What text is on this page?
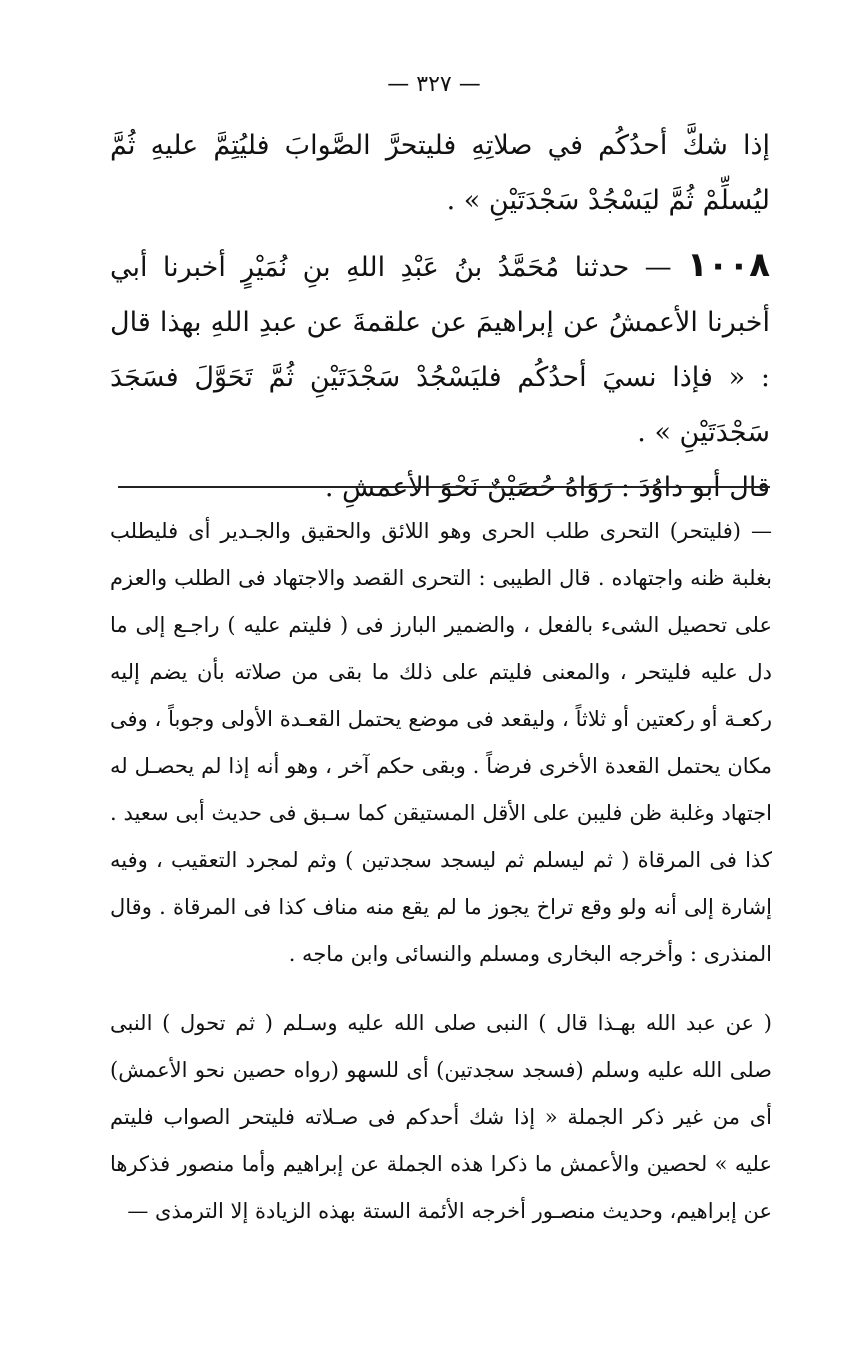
— ٣٢٧ —

إذا شكَّ أحدُكُم في صلاتِهِ فليتحرَّ الصَّوابَ فليُتِمَّ عليهِ ثُمَّ ليُسلِّمْ ثُمَّ ليَسْجُدْ سَجْدَتَيْنِ » .

١٠٠٨ — حدثنا مُحَمَّدُ بنُ عَبْدِ اللهِ بنِ نُمَيْرٍ أخبرنا أبي أخبرنا الأعمشُ عن إبراهيمَ عن علقمةَ عن عبدِ اللهِ بهذا قال : « فإذا نسيَ أحدُكُم فليَسْجُدْ سَجْدَتَيْنِ ثُمَّ تَحَوَّلَ فسَجَدَ سَجْدَتَيْنِ » .

قال أبو داوُدَ : رَوَاهُ حُصَيْنٌ نَحْوَ الأعمشِ .

— (فليتحر) التحرى طلب الحرى وهو اللائق والحقيق والجـدير أى فليطلب بغلبة ظنه واجتهاده . قال الطيبى : التحرى القصد والاجتهاد فى الطلب والعزم على تحصيل الشىء بالفعل ، والضمير البارز فى ( فليتم عليه ) راجـع إلى ما دل عليه فليتحر ، والمعنى فليتم على ذلك ما بقى من صلاته بأن يضم إليه ركعـة أو ركعتين أو ثلاثاً ، وليقعد فى موضع يحتمل القعـدة الأولى وجوباً ، وفى مكان يحتمل القعدة الأخرى فرضاً . وبقى حكم آخر ، وهو أنه إذا لم يحصـل له اجتهاد وغلبة ظن فليبن على الأقل المستيقن كما سـبق فى حديث أبى سعيد . كذا فى المرقاة ( ثم ليسلم ثم ليسجد سجدتين ) وثم لمجرد التعقيب ، وفيه إشارة إلى أنه ولو وقع تراخ يجوز ما لم يقع منه مناف كذا فى المرقاة . وقال المنذرى : وأخرجه البخارى ومسلم والنسائى وابن ماجه .

( عن عبد الله بهـذا قال ) النبى صلى الله عليه وسـلم ( ثم تحول ) النبى صلى الله عليه وسلم (فسجد سجدتين) أى للسهو (رواه حصين نحو الأعمش) أى من غير ذكر الجملة « إذا شك أحدكم فى صـلاته فليتحر الصواب فليتم عليه » لحصين والأعمش ما ذكرا هذه الجملة عن إبراهيم وأما منصور فذكرها عن إبراهيم، وحديث منصـور أخرجه الأئمة الستة بهذه الزيادة إلا الترمذى —
